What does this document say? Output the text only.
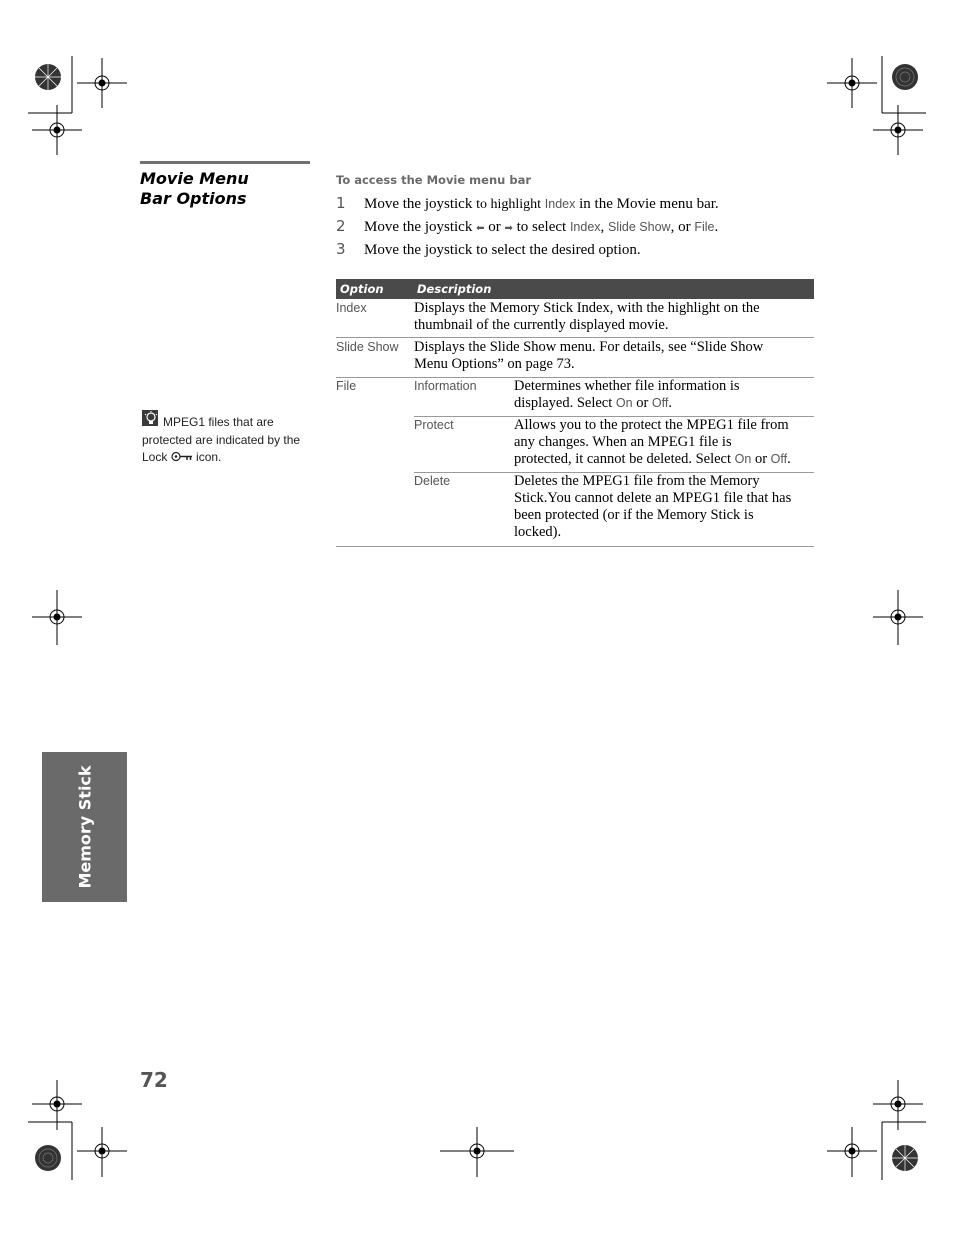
Movie Menu
Bar Options
To access the Movie menu bar
1 Move the joystick to highlight Index in the Movie menu bar.
2 Move the joystick ⬅ or ➡ to select Index, Slide Show, or File.
3 Move the joystick to select the desired option.
Option	Description
Index	Displays the Memory Stick Index, with the highlight on the
thumbnail of the currently displayed movie.
Slide Show Displays the Slide Show menu. For details, see “Slide Show
Menu Options” on page 73.
File	Information	Determines whether file information is
displayed. Select On or Off.
Protect	Allows you to the protect the MPEG1 file from
any changes. When an MPEG1 file is
protected, it cannot be deleted. Select On or Off.
Delete	Deletes the MPEG1 file from the Memory
Stick.You cannot delete an MPEG1 file that has
been protected (or if the Memory Stick is
locked).
MPEG1 files that are
protected are indicated by the
Lock  icon.
Memory Stick
72
